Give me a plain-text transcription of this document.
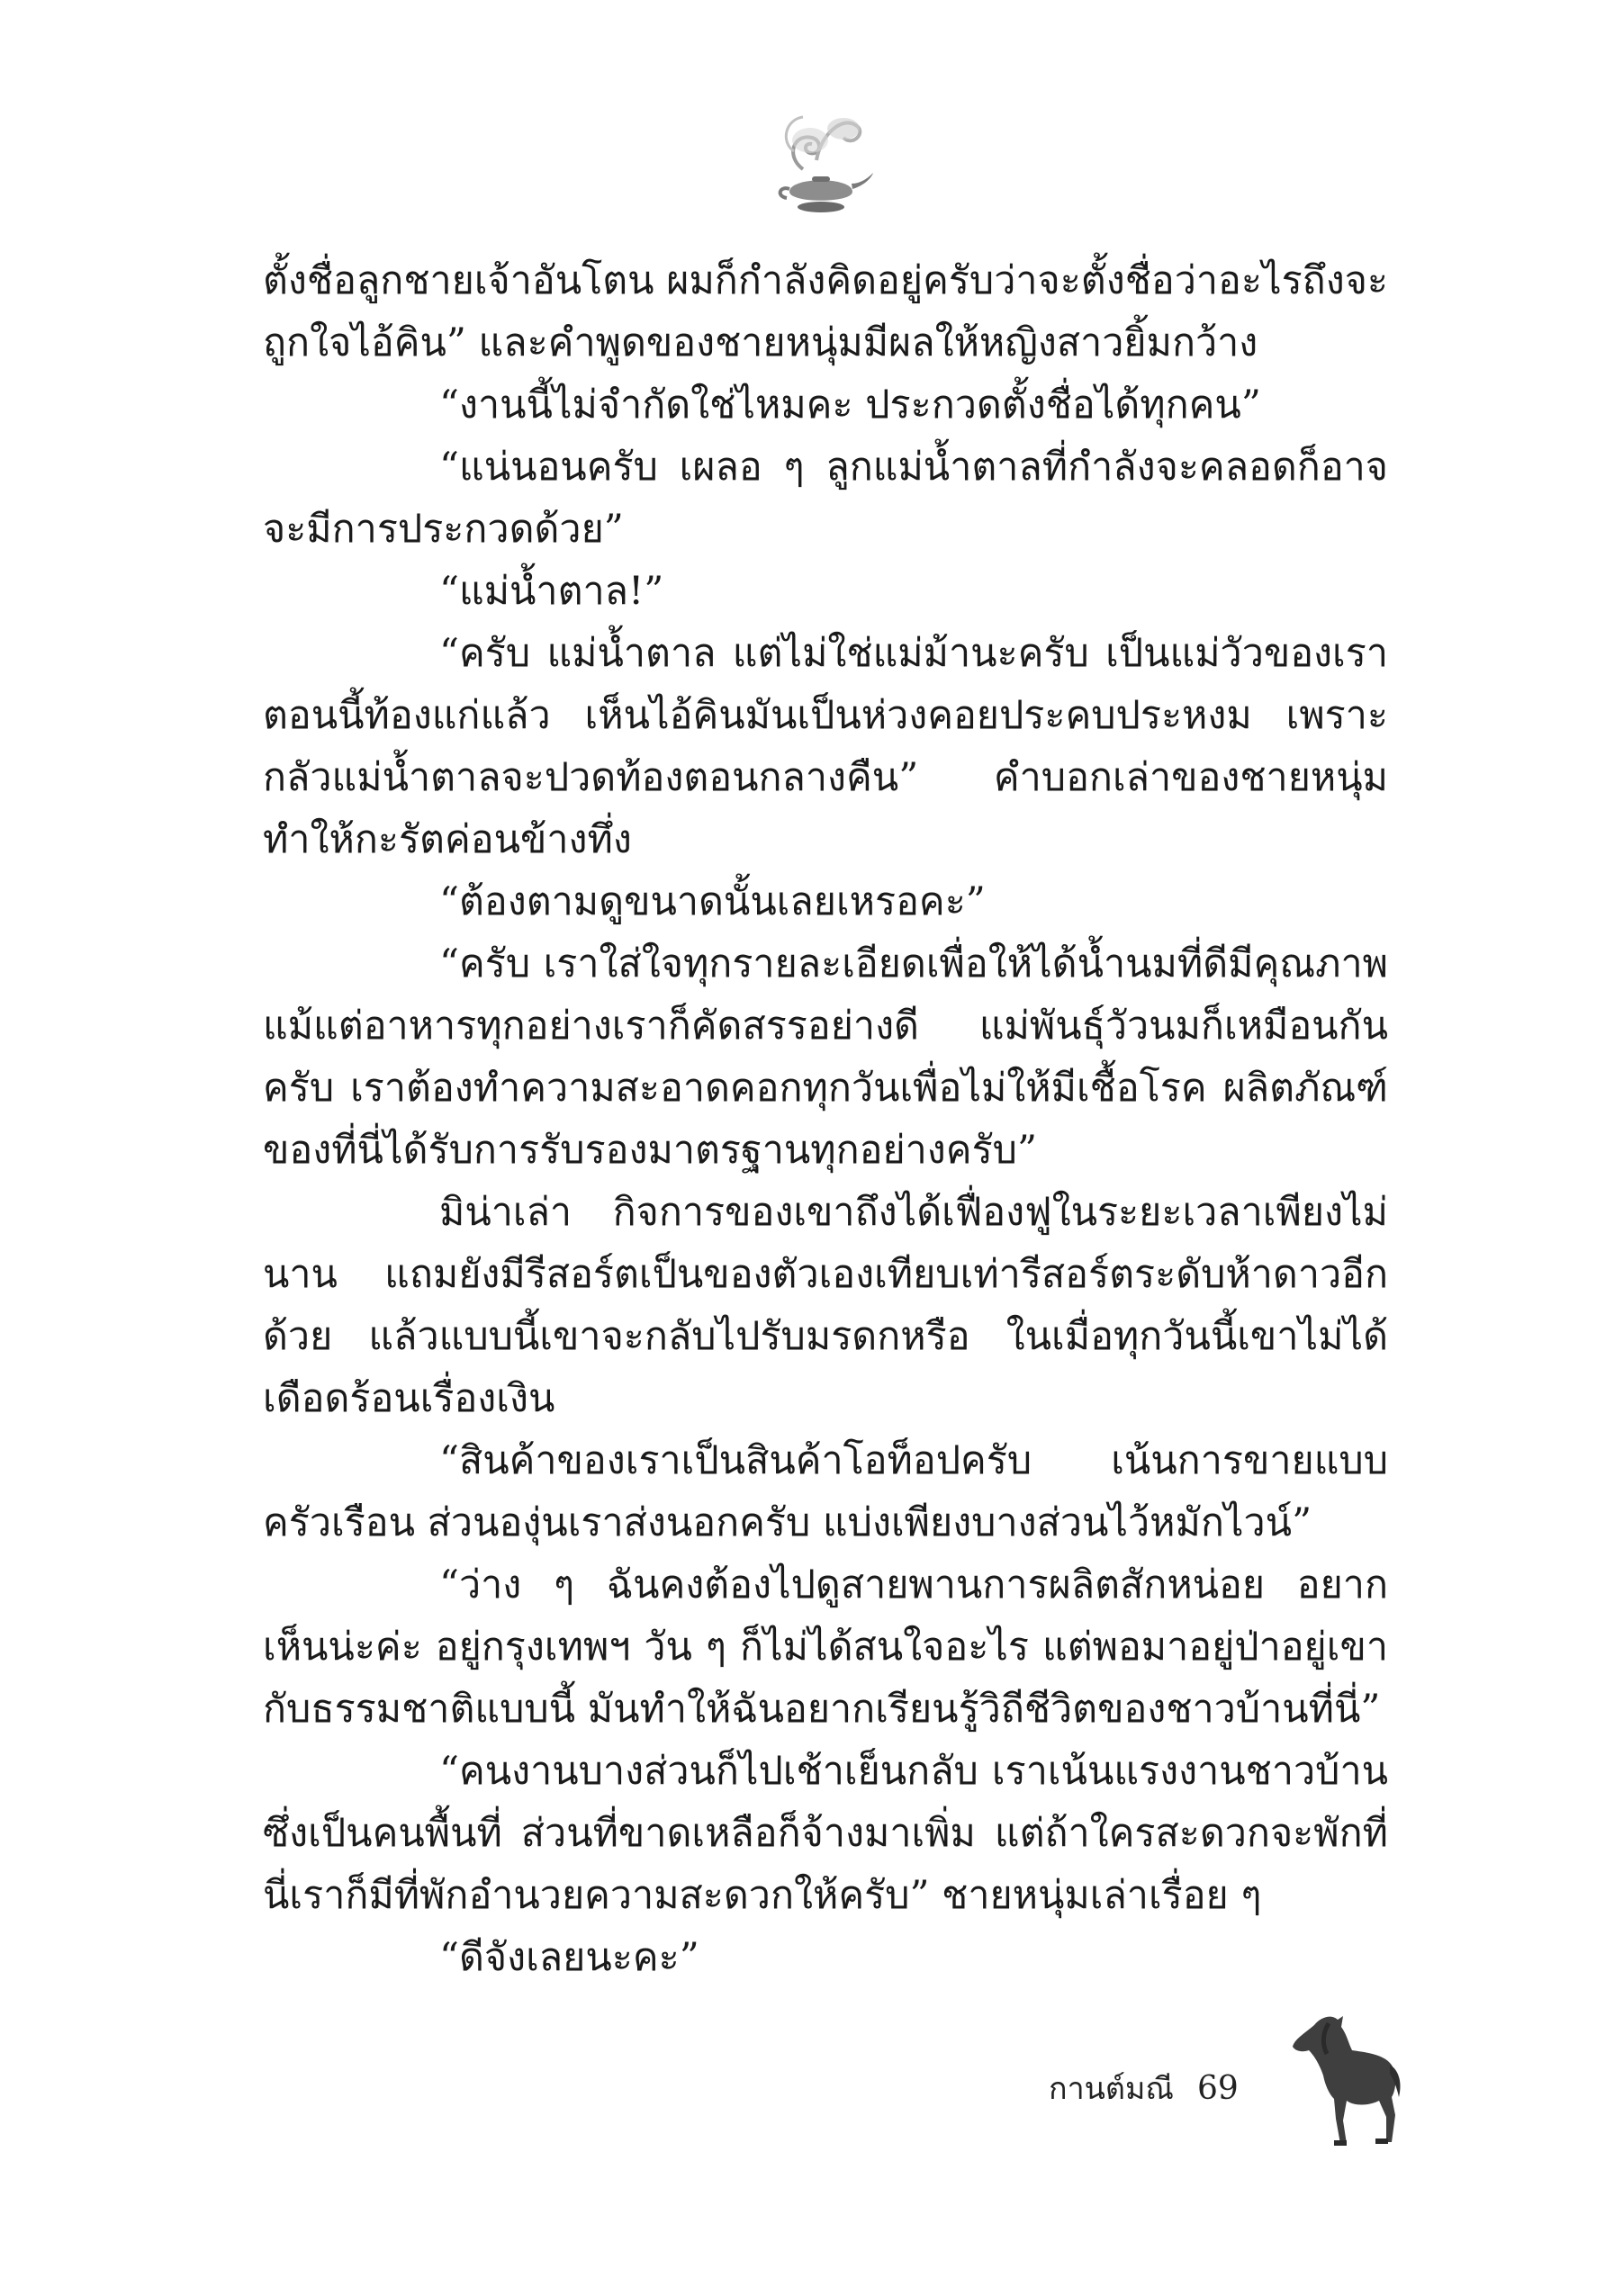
ตั้งชื่อลูกชายเจ้าอันโตน ผมก็กำลังคิดอยู่ครับว่าจะตั้งชื่อว่าอะไรถึงจะถูกใจไอ้คิน” และคำพูดของชายหนุ่มมีผลให้หญิงสาวยิ้มกว้าง

“งานนี้ไม่จำกัดใช่ไหมคะ ประกวดตั้งชื่อได้ทุกคน”

“แน่นอนครับ เผลอ ๆ ลูกแม่น้ำตาลที่กำลังจะคลอดก็อาจจะมีการประกวดด้วย”

“แม่น้ำตาล!”

“ครับ แม่น้ำตาล แต่ไม่ใช่แม่ม้านะครับ เป็นแม่วัวของเราตอนนี้ท้องแก่แล้ว เห็นไอ้คินมันเป็นห่วงคอยประคบประหงม เพราะกลัวแม่น้ำตาลจะปวดท้องตอนกลางคืน” คำบอกเล่าของชายหนุ่มทำให้กะรัตค่อนข้างทึ่ง

“ต้องตามดูขนาดนั้นเลยเหรอคะ”

“ครับ เราใส่ใจทุกรายละเอียดเพื่อให้ได้น้ำนมที่ดีมีคุณภาพ แม้แต่อาหารทุกอย่างเราก็คัดสรรอย่างดี แม่พันธุ์วัวนมก็เหมือนกันครับ เราต้องทำความสะอาดคอกทุกวันเพื่อไม่ให้มีเชื้อโรค ผลิตภัณฑ์ของที่นี่ได้รับการรับรองมาตรฐานทุกอย่างครับ”

มิน่าเล่า กิจการของเขาถึงได้เฟื่องฟูในระยะเวลาเพียงไม่นาน แถมยังมีรีสอร์ตเป็นของตัวเองเทียบเท่ารีสอร์ตระดับห้าดาวอีกด้วย แล้วแบบนี้เขาจะกลับไปรับมรดกหรือ ในเมื่อทุกวันนี้เขาไม่ได้เดือดร้อนเรื่องเงิน

“สินค้าของเราเป็นสินค้าโอท็อปครับ เน้นการขายแบบครัวเรือน ส่วนองุ่นเราส่งนอกครับ แบ่งเพียงบางส่วนไว้หมักไวน์”

“ว่าง ๆ ฉันคงต้องไปดูสายพานการผลิตสักหน่อย อยากเห็นน่ะค่ะ อยู่กรุงเทพฯ วัน ๆ ก็ไม่ได้สนใจอะไร แต่พอมาอยู่ป่าอยู่เขากับธรรมชาติแบบนี้ มันทำให้ฉันอยากเรียนรู้วิถีชีวิตของชาวบ้านที่นี่”

“คนงานบางส่วนก็ไปเช้าเย็นกลับ เราเน้นแรงงานชาวบ้านซึ่งเป็นคนพื้นที่ ส่วนที่ขาดเหลือก็จ้างมาเพิ่ม แต่ถ้าใครสะดวกจะพักที่นี่เราก็มีที่พักอำนวยความสะดวกให้ครับ” ชายหนุ่มเล่าเรื่อย ๆ

“ดีจังเลยนะคะ”

กานต์มณี 69
